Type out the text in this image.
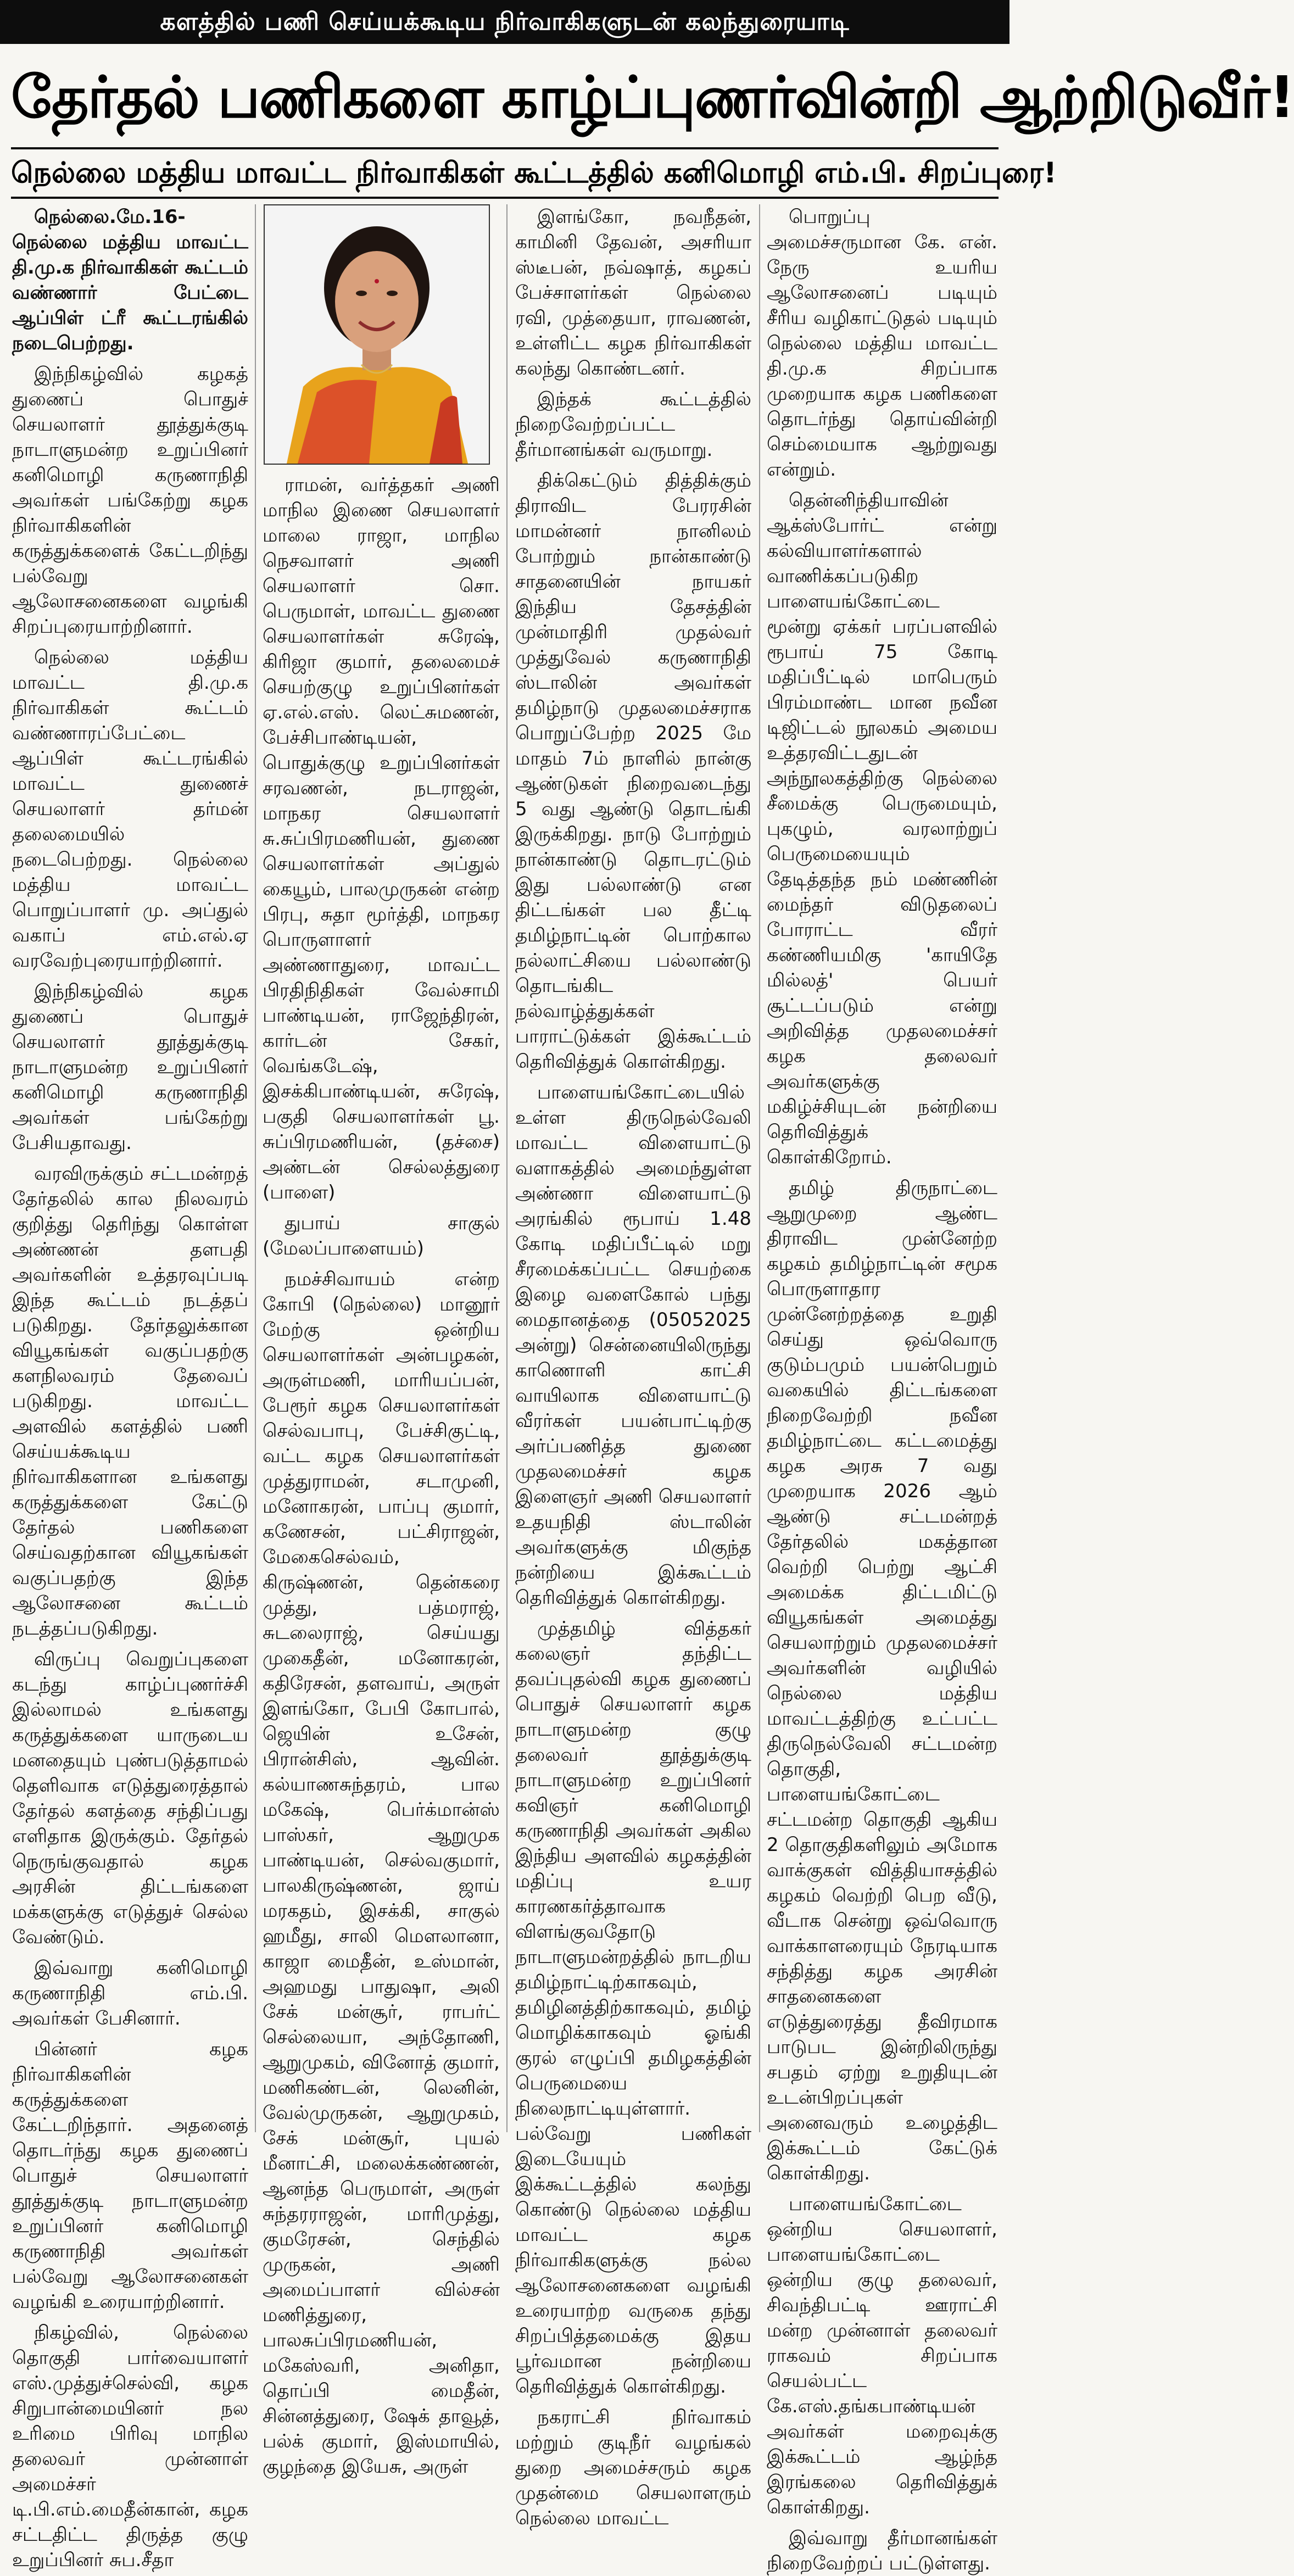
களத்தில் பணி செய்யக்கூடிய நிர்வாகிகளுடன் கலந்துரையாடி
தேர்தல் பணிகளை காழ்ப்புணர்வின்றி ஆற்றிடுவீர்!
நெல்லை மத்திய மாவட்ட நிர்வாகிகள் கூட்டத்தில் கனிமொழி எம்.பி. சிறப்புரை!

நெல்லை.மே.16- நெல்லை மத்திய மாவட்ட தி.மு.க நிர்வாகிகள் கூட்டம் வண்ணார் பேட்டை ஆப்பிள் ட்ரீ கூட்டரங்கில் நடைபெற்றது.

இந்நிகழ்வில் கழகத் துணைப் பொதுச் செயலாளர் தூத்துக்குடி நாடாளுமன்ற உறுப்பினர் கனிமொழி கருணாநிதி அவர்கள் பங்கேற்று கழக நிர்வாகிகளின் கருத்துக்களைக் கேட்டறிந்து பல்வேறு ஆலோசனைகளை வழங்கி சிறப்புரையாற்றினார்.

நெல்லை மத்திய மாவட்ட தி.மு.க நிர்வாகிகள் கூட்டம் வண்ணாரப்பேட்டை ஆப்பிள் கூட்டரங்கில் மாவட்ட துணைச் செயலாளர் தர்மன் தலைமையில் நடைபெற்றது. நெல்லை மத்திய மாவட்ட பொறுப்பாளர் மு. அப்துல் வகாப் எம்.எல்.ஏ வரவேற்புரையாற்றினார்.

இந்நிகழ்வில் கழக துணைப் பொதுச் செயலாளர் தூத்துக்குடி நாடாளுமன்ற உறுப்பினர் கனிமொழி கருணாநிதி அவர்கள் பங்கேற்று பேசியதாவது.

வரவிருக்கும் சட்டமன்றத் தேர்தலில் கால நிலவரம் குறித்து தெரிந்து கொள்ள அண்ணன் தளபதி அவர்களின் உத்தரவுப்படி இந்த கூட்டம் நடத்தப் படுகிறது. தேர்தலுக்கான வியூகங்கள் வகுப்பதற்கு களநிலவரம் தேவைப் படுகிறது. மாவட்ட அளவில் களத்தில் பணி செய்யக்கூடிய நிர்வாகிகளான உங்களது கருத்துக்களை கேட்டு தேர்தல் பணிகளை செய்வதற்கான வியூகங்கள் வகுப்பதற்கு இந்த ஆலோசனை கூட்டம் நடத்தப்படுகிறது.

விருப்பு வெறுப்புகளை கடந்து காழ்ப்புணர்ச்சி இல்லாமல் உங்களது கருத்துக்களை யாருடைய மனதையும் புண்படுத்தாமல் தெளிவாக எடுத்துரைத்தால் தேர்தல் களத்தை சந்திப்பது எளிதாக இருக்கும். தேர்தல் நெருங்குவதால் கழக அரசின் திட்டங்களை மக்களுக்கு எடுத்துச் செல்ல வேண்டும்.

இவ்வாறு கனிமொழி கருணாநிதி எம்.பி. அவர்கள் பேசினார்.

பின்னர் கழக நிர்வாகிகளின் கருத்துக்களை கேட்டறிந்தார். அதனைத் தொடர்ந்து கழக துணைப் பொதுச் செயலாளர் தூத்துக்குடி நாடாளுமன்ற உறுப்பினர் கனிமொழி கருணாநிதி அவர்கள் பல்வேறு ஆலோசனைகள் வழங்கி உரையாற்றினார்.

நிகழ்வில், நெல்லை தொகுதி பார்வையாளர் எஸ்.முத்துச்செல்வி, கழக சிறுபான்மையினர் நல உரிமை பிரிவு மாநில தலைவர் முன்னாள் அமைச்சர் டி.பி.எம்.மைதீன்கான், கழக சட்டதிட்ட திருத்த குழு உறுப்பினர் சுப.சீதா

ராமன், வர்த்தகர் அணி மாநில இணை செயலாளர் மாலை ராஜா, மாநில நெசவாளர் அணி செயலாளர் சொ. பெருமாள், மாவட்ட துணை செயலாளர்கள் சுரேஷ், கிரிஜா குமார், தலைமைச் செயற்குழு உறுப்பினர்கள் ஏ.எல்.எஸ். லெட்சுமணன், பேச்சிபாண்டியன், பொதுக்குழு உறுப்பினர்கள் சரவணன், நடராஜன், மாநகர செயலாளர் சு.சுப்பிரமணியன், துணை செயலாளர்கள் அப்துல் கையூம், பாலமுருகன் என்ற பிரபு, சுதா மூர்த்தி, மாநகர பொருளாளர் அண்ணாதுரை, மாவட்ட பிரதிநிதிகள் வேல்சாமி பாண்டியன், ராஜேந்திரன், கார்டன் சேகர், வெங்கடேஷ், இசக்கிபாண்டியன், சுரேஷ், பகுதி செயலாளர்கள் பூ. சுப்பிரமணியன், (தச்சை) அண்டன் செல்லத்துரை (பாளை)

துபாய் சாகுல் (மேலப்பாளையம்)

நமச்சிவாயம் என்ற கோபி (நெல்லை) மானூர் மேற்கு ஒன்றிய செயலாளர்கள் அன்பழகன், அருள்மணி, மாரியப்பன், பேரூர் கழக செயலாளர்கள் செல்வபாபு, பேச்சிகுட்டி, வட்ட கழக செயலாளர்கள் முத்துராமன், சடாமுனி, மனோகரன், பாப்பு குமார், கணேசன், பட்சிராஜன், மேகைசெல்வம், கிருஷ்ணன், தென்கரை முத்து, பத்மராஜ், சுடலைராஜ், செய்யது முகைதீன், மனோகரன், கதிரேசன், தளவாய், அருள் இளங்கோ, பேபி கோபால், ஜெயின் உசேன், பிரான்சிஸ், ஆவின். கல்யாணசுந்தரம், பால மகேஷ், பெர்க்மான்ஸ் பாஸ்கர், ஆறுமுக பாண்டியன், செல்வகுமார், பாலகிருஷ்ணன், ஜாய் மரகதம், இசக்கி, சாகுல் ஹமீது, சாலி மௌலானா, காஜா மைதீன், உஸ்மான், அஹமது பாதுஷா, அலி சேக் மன்சூர், ராபர்ட் செல்லையா, அந்தோணி, ஆறுமுகம், வினோத் குமார், மணிகண்டன், லெனின், வேல்முருகன், ஆறுமுகம், சேக் மன்சூர், புயல் மீனாட்சி, மலைக்கண்ணன், ஆனந்த பெருமாள், அருள் சுந்தரராஜன், மாரிமுத்து, குமரேசன், செந்தில் முருகன், அணி அமைப்பாளர் வில்சன் மணித்துரை, பாலசுப்பிரமணியன், மகேஸ்வரி, அனிதா, தொப்பி மைதீன், சின்னத்துரை, ஷேக் தாவூத், பல்க் குமார், இஸ்மாயில், குழந்தை இயேசு, அருள்

இளங்கோ, நவநீதன், காமினி தேவன், அசரியா ஸ்டீபன், நவ்ஷாத், கழகப் பேச்சாளர்கள் நெல்லை ரவி, முத்தையா, ராவணன், உள்ளிட்ட கழக நிர்வாகிகள் கலந்து கொண்டனர்.

இந்தக் கூட்டத்தில் நிறைவேற்றப்பட்ட தீர்மானங்கள் வருமாறு.

திக்கெட்டும் தித்திக்கும் திராவிட பேரரசின் மாமன்னர் நானிலம் போற்றும் நான்காண்டு சாதனையின் நாயகர் இந்திய தேசத்தின் முன்மாதிரி முதல்வர் முத்துவேல் கருணாநிதி ஸ்டாலின் அவர்கள் தமிழ்நாடு முதலமைச்சராக பொறுப்பேற்ற 2025 மே மாதம் 7ம் நாளில் நான்கு ஆண்டுகள் நிறைவடைந்து 5 வது ஆண்டு தொடங்கி இருக்கிறது. நாடு போற்றும் நான்காண்டு தொடரட்டும் இது பல்லாண்டு என திட்டங்கள் பல தீட்டி தமிழ்நாட்டின் பொற்கால நல்லாட்சியை பல்லாண்டு தொடங்கிட நல்வாழ்த்துக்கள் பாராட்டுக்கள் இக்கூட்டம் தெரிவித்துக் கொள்கிறது.

பாளையங்கோட்டையில் உள்ள திருநெல்வேலி மாவட்ட விளையாட்டு வளாகத்தில் அமைந்துள்ள அண்ணா விளையாட்டு அரங்கில் ரூபாய் 1.48 கோடி மதிப்பீட்டில் மறு சீரமைக்கப்பட்ட செயற்கை இழை வளைகோல் பந்து மைதானத்தை (05052025 அன்று) சென்னையிலிருந்து காணொளி காட்சி வாயிலாக விளையாட்டு வீரர்கள் பயன்பாட்டிற்கு அர்ப்பணித்த துணை முதலமைச்சர் கழக இளைஞர் அணி செயலாளர் உதயநிதி ஸ்டாலின் அவர்களுக்கு மிகுந்த நன்றியை இக்கூட்டம் தெரிவித்துக் கொள்கிறது.

முத்தமிழ் வித்தகர் கலைஞர் தந்திட்ட தவப்புதல்வி கழக துணைப் பொதுச் செயலாளர் கழக நாடாளுமன்ற குழு தலைவர் தூத்துக்குடி நாடாளுமன்ற உறுப்பினர் கவிஞர் கனிமொழி கருணாநிதி அவர்கள் அகில இந்திய அளவில் கழகத்தின் மதிப்பு உயர காரணகர்த்தாவாக விளங்குவதோடு நாடாளுமன்றத்தில் நாடறிய தமிழ்நாட்டிற்காகவும், தமிழினத்திற்காகவும், தமிழ் மொழிக்காகவும் ஓங்கி குரல் எழுப்பி தமிழகத்தின் பெருமையை நிலைநாட்டியுள்ளார். பல்வேறு பணிகள் இடையேயும் இக்கூட்டத்தில் கலந்து கொண்டு நெல்லை மத்திய மாவட்ட கழக நிர்வாகிகளுக்கு நல்ல ஆலோசனைகளை வழங்கி உரையாற்ற வருகை தந்து சிறப்பித்தமைக்கு இதய பூர்வமான நன்றியை தெரிவித்துக் கொள்கிறது.

நகராட்சி நிர்வாகம் மற்றும் குடிநீர் வழங்கல் துறை அமைச்சரும் கழக முதன்மை செயலாளரும் நெல்லை மாவட்ட

பொறுப்பு அமைச்சருமான கே. என். நேரு உயரிய ஆலோசனைப் படியும் சீரிய வழிகாட்டுதல் படியும் நெல்லை மத்திய மாவட்ட தி.மு.க சிறப்பாக முறையாக கழக பணிகளை தொடர்ந்து தொய்வின்றி செம்மையாக ஆற்றுவது என்றும்.

தென்னிந்தியாவின் ஆக்ஸ்போர்ட் என்று கல்வியாளர்களால் வாணிக்கப்படுகிற பாளையங்கோட்டை மூன்று ஏக்கர் பரப்பளவில் ரூபாய் 75 கோடி மதிப்பீட்டில் மாபெரும் பிரம்மாண்ட மான நவீன டிஜிட்டல் நூலகம் அமைய உத்தரவிட்டதுடன் அந்நூலகத்திற்கு நெல்லை சீமைக்கு பெருமையும், புகழும், வரலாற்றுப் பெருமையையும் தேடித்தந்த நம் மண்ணின் மைந்தர் விடுதலைப் போராட்ட வீரர் கண்ணியமிகு 'காயிதே மில்லத்' பெயர் சூட்டப்படும் என்று அறிவித்த முதலமைச்சர் கழக தலைவர் அவர்களுக்கு மகிழ்ச்சியுடன் நன்றியை தெரிவித்துக் கொள்கிறோம்.

தமிழ் திருநாட்டை ஆறுமுறை ஆண்ட திராவிட முன்னேற்ற கழகம் தமிழ்நாட்டின் சமூக பொருளாதார முன்னேற்றத்தை உறுதி செய்து ஒவ்வொரு குடும்பமும் பயன்பெறும் வகையில் திட்டங்களை நிறைவேற்றி நவீன தமிழ்நாட்டை கட்டமைத்து கழக அரசு 7 வது முறையாக 2026 ஆம் ஆண்டு சட்டமன்றத் தேர்தலில் மகத்தான வெற்றி பெற்று ஆட்சி அமைக்க திட்டமிட்டு வியூகங்கள் அமைத்து செயலாற்றும் முதலமைச்சர் அவர்களின் வழியில் நெல்லை மத்திய மாவட்டத்திற்கு உட்பட்ட திருநெல்வேலி சட்டமன்ற தொகுதி, பாளையங்கோட்டை சட்டமன்ற தொகுதி ஆகிய 2 தொகுதிகளிலும் அமோக வாக்குகள் வித்தியாசத்தில் கழகம் வெற்றி பெற வீடு, வீடாக சென்று ஒவ்வொரு வாக்காளரையும் நேரடியாக சந்தித்து கழக அரசின் சாதனைகளை எடுத்துரைத்து தீவிரமாக பாடுபட இன்றிலிருந்து சபதம் ஏற்று உறுதியுடன் உடன்பிறப்புகள் அனைவரும் உழைத்திட இக்கூட்டம் கேட்டுக் கொள்கிறது.

பாளையங்கோட்டை ஒன்றிய செயலாளர், பாளையங்கோட்டை ஒன்றிய குழு தலைவர், சிவந்திபட்டி ஊராட்சி மன்ற முன்னாள் தலைவர் ராகவம் சிறப்பாக செயல்பட்ட கே.எஸ்.தங்கபாண்டியன் அவர்கள் மறைவுக்கு இக்கூட்டம் ஆழ்ந்த இரங்கலை தெரிவித்துக் கொள்கிறது.

இவ்வாறு தீர்மானங்கள் நிறைவேற்றப் பட்டுள்ளது.
